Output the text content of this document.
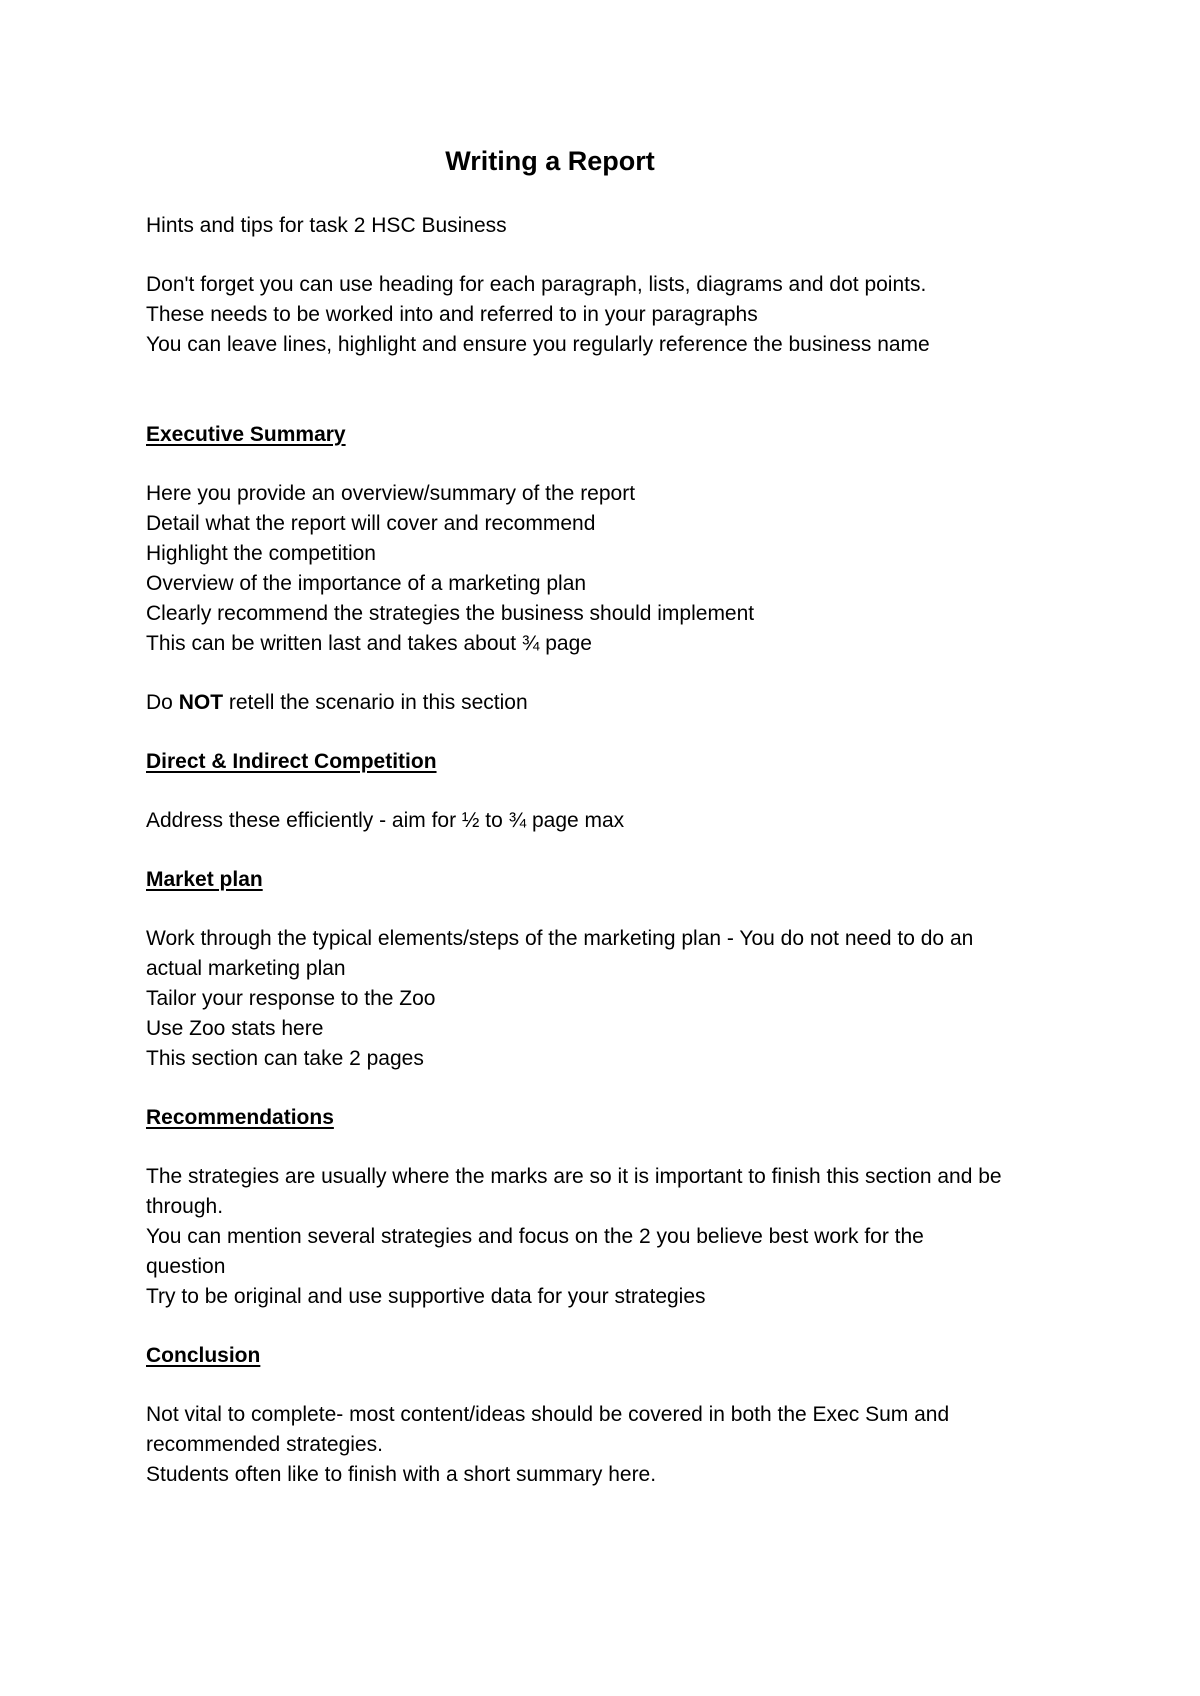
Writing a Report
Hints and tips for task 2 HSC Business
Don't forget you can use heading for each paragraph, lists, diagrams and dot points.
These needs to be worked into and referred to in your paragraphs
You can leave lines, highlight and ensure you regularly reference the business name
Executive Summary
Here you provide an overview/summary of the report
Detail what the report will cover and recommend
Highlight the competition
Overview of the importance of a marketing plan
Clearly recommend the strategies the business should implement
This can be written last and takes about ¾ page
Do NOT retell the scenario in this section
Direct & Indirect Competition
Address these efficiently - aim for ½ to ¾ page max
Market plan
Work through the typical elements/steps of the marketing plan - You do not need to do an
actual marketing plan
Tailor your response to the Zoo
Use Zoo stats here
This section can take 2 pages
Recommendations
The strategies are usually where the marks are so it is important to finish this section and be
through.
You can mention several strategies and focus on the 2 you believe best work for the
question
Try to be original and use supportive data for your strategies
Conclusion
Not vital to complete- most content/ideas should be covered in both the Exec Sum and
recommended strategies.
Students often like to finish with a short summary here.
